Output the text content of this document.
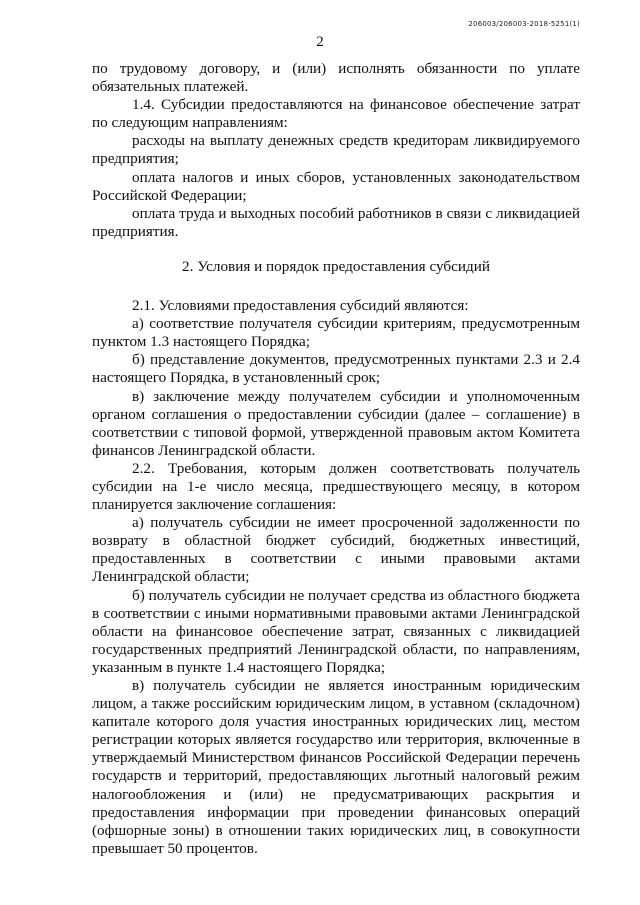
206003/206003-2018-5251(1)
2

по трудовому договору, и (или) исполнять обязанности по уплате обязательных платежей.

1.4. Субсидии предоставляются на финансовое обеспечение затрат по следующим направлениям:

расходы на выплату денежных средств кредиторам ликвидируемого предприятия;

оплата налогов и иных сборов, установленных законодательством Российской Федерации;

оплата труда и выходных пособий работников в связи с ликвидацией предприятия.

2. Условия и порядок предоставления субсидий

2.1. Условиями предоставления субсидий являются:

а) соответствие получателя субсидии критериям, предусмотренным пунктом 1.3 настоящего Порядка;

б) представление документов, предусмотренных пунктами 2.3 и 2.4 настоящего Порядка, в установленный срок;

в) заключение между получателем субсидии и уполномоченным органом соглашения о предоставлении субсидии (далее – соглашение) в соответствии с типовой формой, утвержденной правовым актом Комитета финансов Ленинградской области.

2.2. Требования, которым должен соответствовать получатель субсидии на 1-е число месяца, предшествующего месяцу, в котором планируется заключение соглашения:

а) получатель субсидии не имеет просроченной задолженности по возврату в областной бюджет субсидий, бюджетных инвестиций, предоставленных в соответствии с иными правовыми актами Ленинградской области;

б) получатель субсидии не получает средства из областного бюджета в соответствии с иными нормативными правовыми актами Ленинградской области на финансовое обеспечение затрат, связанных с ликвидацией государственных предприятий Ленинградской области, по направлениям, указанным в пункте 1.4 настоящего Порядка;

в) получатель субсидии не является иностранным юридическим лицом, а также российским юридическим лицом, в уставном (складочном) капитале которого доля участия иностранных юридических лиц, местом регистрации которых является государство или территория, включенные в утверждаемый Министерством финансов Российской Федерации перечень государств и территорий, предоставляющих льготный налоговый режим налогообложения и (или) не предусматривающих раскрытия и предоставления информации при проведении финансовых операций (офшорные зоны) в отношении таких юридических лиц, в совокупности превышает 50 процентов.
